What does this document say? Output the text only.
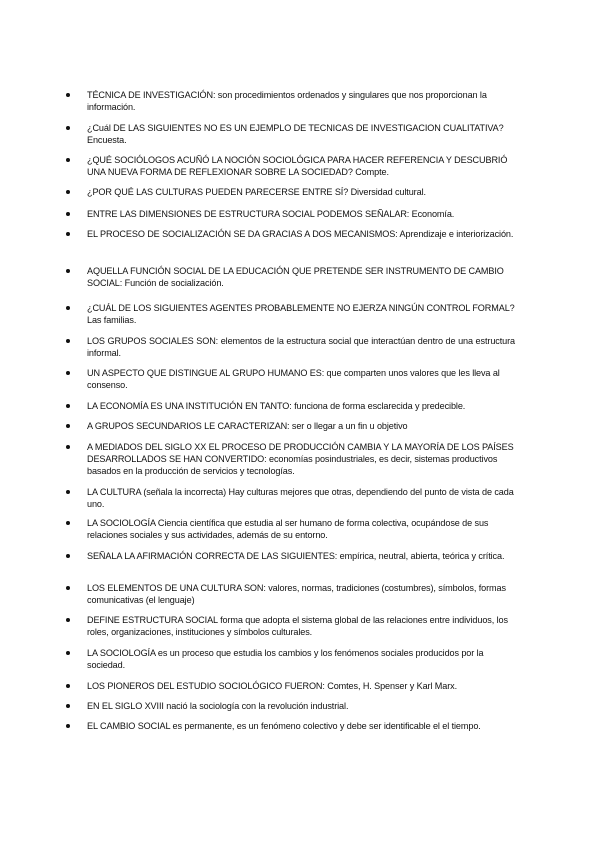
TÉCNICA DE INVESTIGACIÓN: son procedimientos ordenados y singulares que nos proporcionan la información.
¿Cuál DE LAS SIGUIENTES NO ES UN EJEMPLO DE TECNICAS DE INVESTIGACION CUALITATIVA? Encuesta.
¿QUÉ SOCIÓLOGOS ACUÑÓ LA NOCIÓN SOCIOLÓGICA PARA HACER REFERENCIA Y DESCUBRIÓ UNA NUEVA FORMA DE REFLEXIONAR SOBRE LA SOCIEDAD? Compte.
¿POR QUÉ LAS CULTURAS PUEDEN PARECERSE ENTRE SÍ? Diversidad cultural.
ENTRE LAS DIMENSIONES DE ESTRUCTURA SOCIAL PODEMOS SEÑALAR: Economía.
EL PROCESO DE SOCIALIZACIÓN SE DA GRACIAS A DOS MECANISMOS: Aprendizaje e interiorización.
AQUELLA FUNCIÓN SOCIAL DE LA EDUCACIÓN QUE PRETENDE SER INSTRUMENTO DE CAMBIO SOCIAL: Función de socialización.
¿CUÁL DE LOS SIGUIENTES AGENTES PROBABLEMENTE NO EJERZA NINGÚN CONTROL FORMAL? Las familias.
LOS GRUPOS SOCIALES SON: elementos de la estructura social que interactúan dentro de una estructura informal.
UN ASPECTO QUE DISTINGUE AL GRUPO HUMANO ES: que comparten unos valores que les lleva al consenso.
LA ECONOMÍA ES UNA INSTITUCIÓN EN TANTO: funciona de forma esclarecida y predecible.
A GRUPOS SECUNDARIOS LE CARACTERIZAN: ser o llegar a un fin u objetivo
A MEDIADOS DEL SIGLO XX EL PROCESO DE PRODUCCIÓN CAMBIA Y LA MAYORÍA DE LOS PAÍSES DESARROLLADOS SE HAN CONVERTIDO: economías posindustriales, es decir, sistemas productivos basados en la producción de servicios y tecnologías.
LA CULTURA (señala la incorrecta) Hay culturas mejores que otras, dependiendo del punto de vista de cada uno.
LA SOCIOLOGÍA Ciencia científica que estudia al ser humano de forma colectiva, ocupándose de sus relaciones sociales y sus actividades, además de su entorno.
SEÑALA LA AFIRMACIÓN CORRECTA DE LAS SIGUIENTES: empírica, neutral, abierta, teórica y crítica.
LOS ELEMENTOS DE UNA CULTURA SON: valores, normas, tradiciones (costumbres), símbolos, formas comunicativas (el lenguaje)
DEFINE ESTRUCTURA SOCIAL forma que adopta el sistema global de las relaciones entre individuos, los roles, organizaciones, instituciones y símbolos culturales.
LA SOCIOLOGÍA es un proceso que estudia los cambios y los fenómenos sociales producidos por la sociedad.
LOS PIONEROS DEL ESTUDIO SOCIOLÓGICO FUERON: Comtes, H. Spenser y Karl Marx.
EN EL SIGLO XVIII nació la sociología con la revolución industrial.
EL CAMBIO SOCIAL es permanente, es un fenómeno colectivo y debe ser identificable el el tiempo.
